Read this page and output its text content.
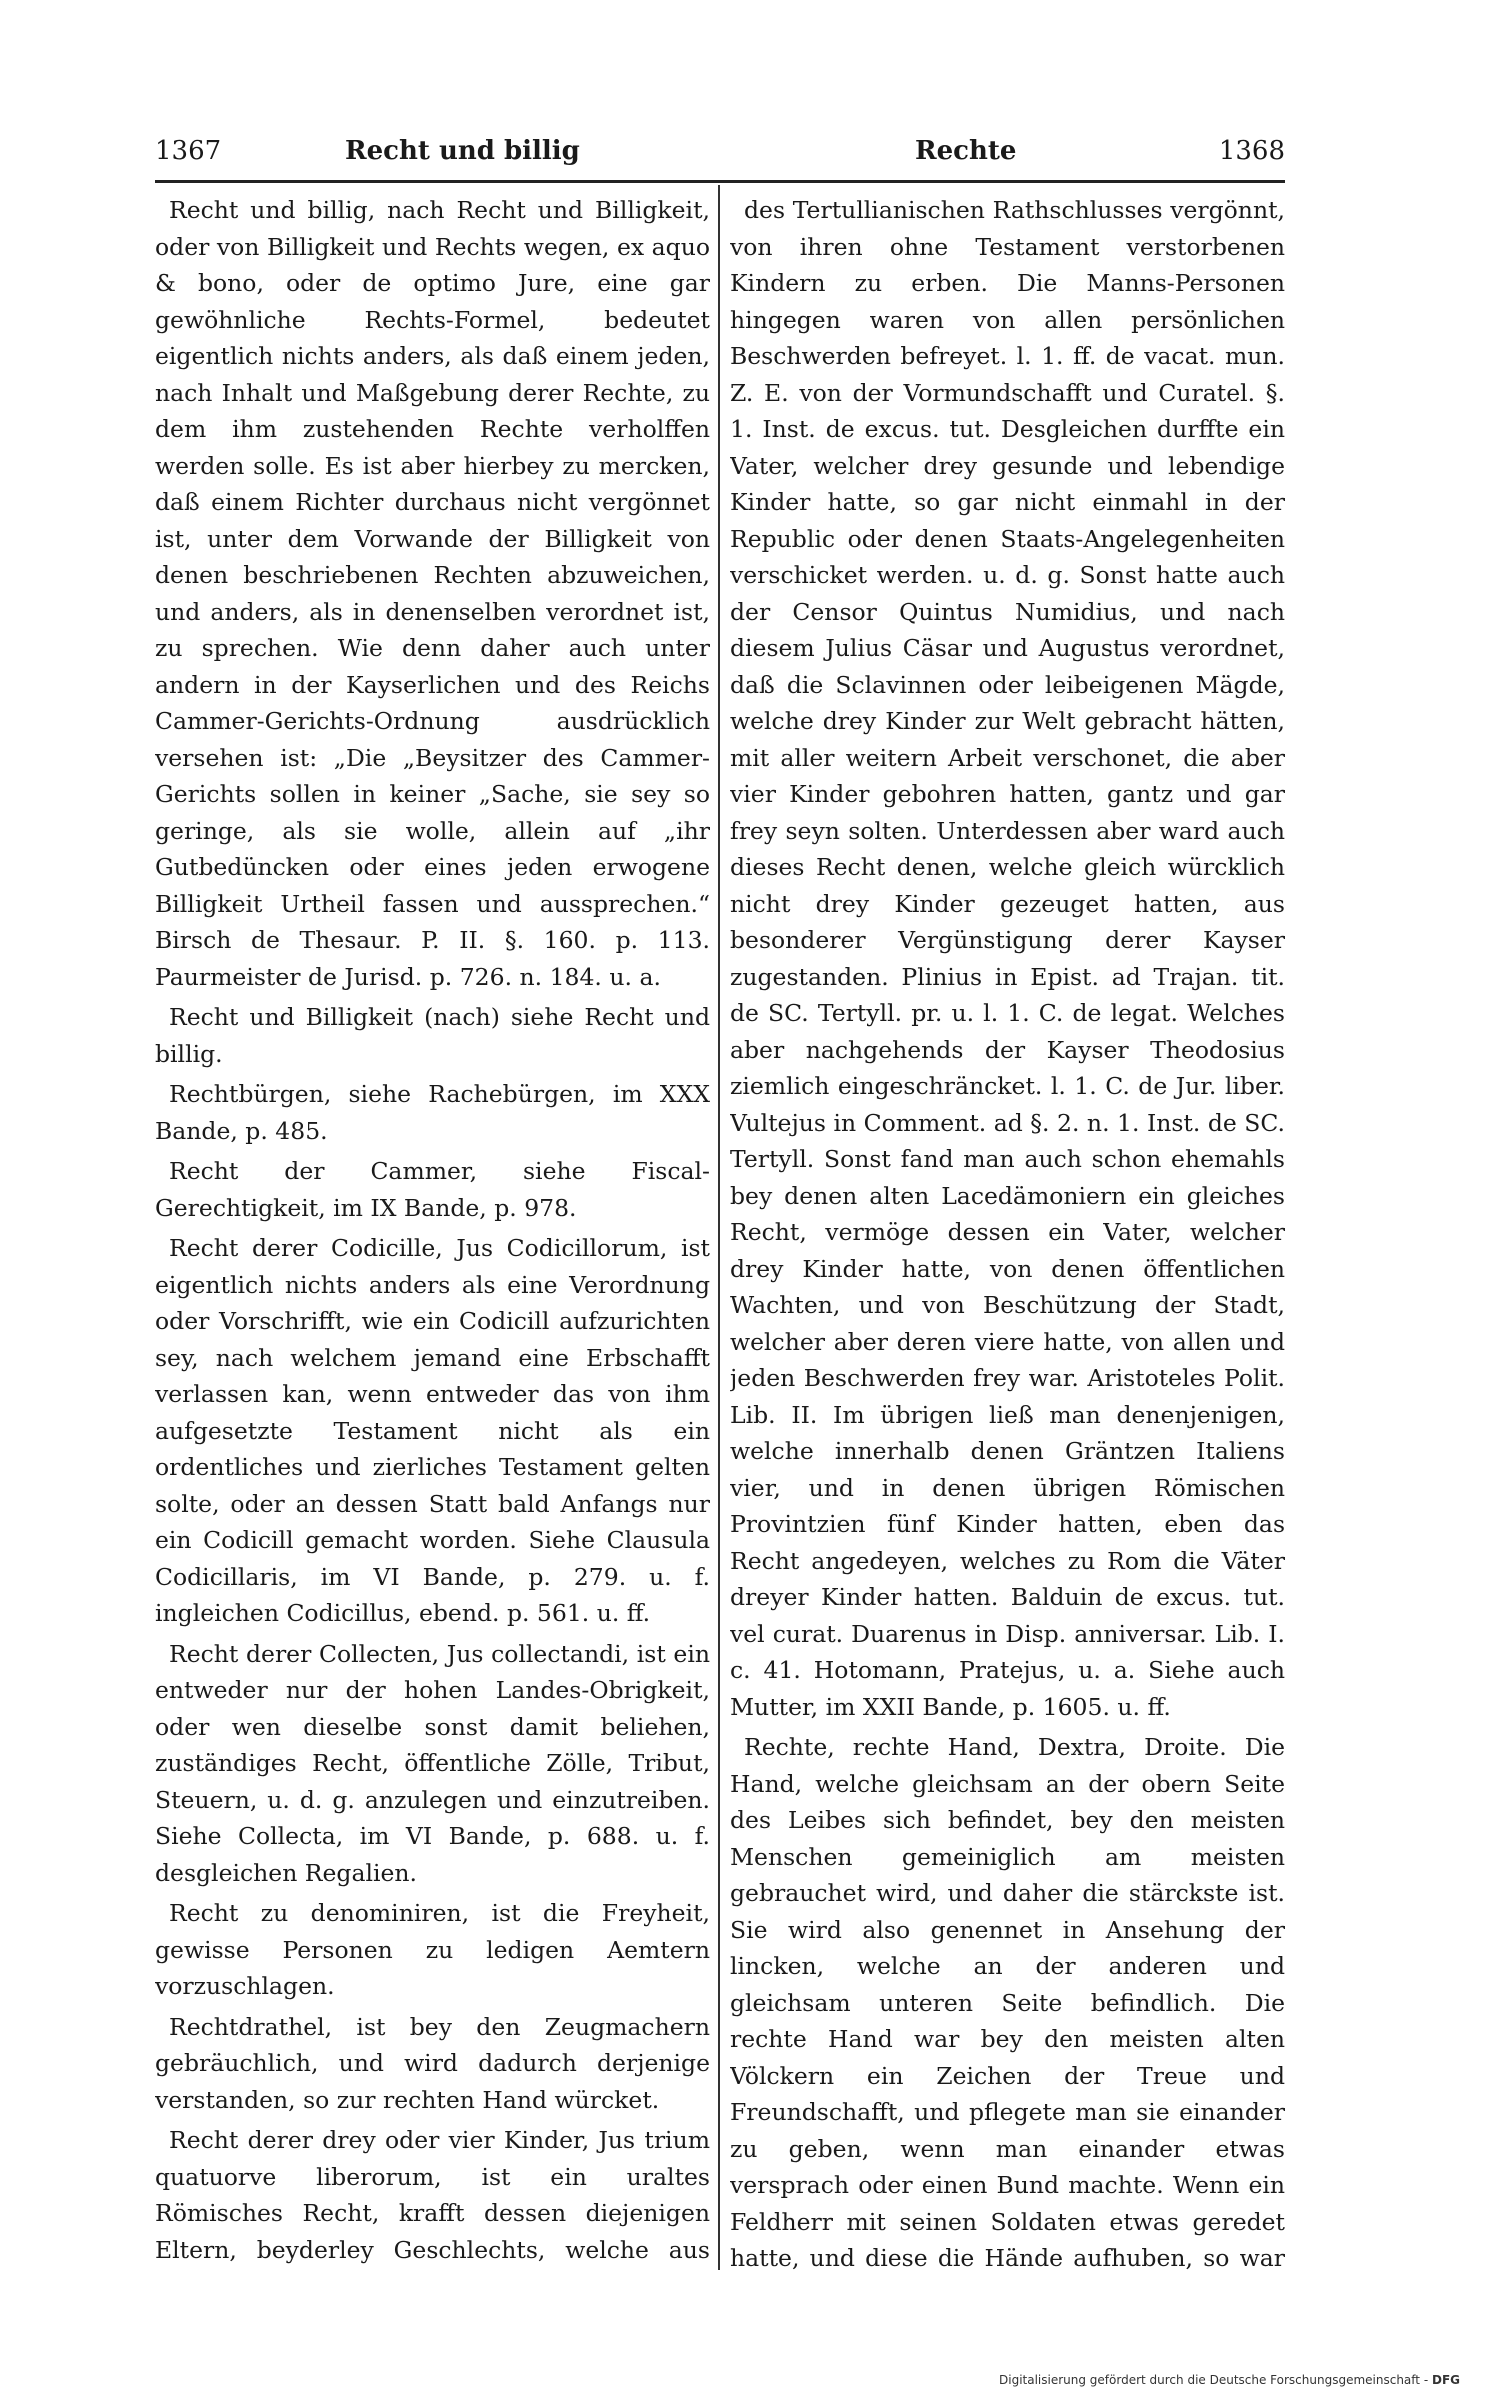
1367	Recht und billig	Rechte	1368

Recht und billig, nach Recht und Billigkeit, oder von Billigkeit und Rechts wegen, ex aquo & bono, oder de optimo Jure, eine gar gewöhnliche Rechts-Formel, bedeutet eigentlich nichts anders, als daß einem jeden, nach Inhalt und Maßgebung derer Rechte, zu dem ihm zustehenden Rechte verholffen werden solle. Es ist aber hierbey zu mercken, daß einem Richter durchaus nicht vergönnet ist, unter dem Vorwande der Billigkeit von denen beschriebenen Rechten abzuweichen, und anders, als in denenselben verordnet ist, zu sprechen. Wie denn daher auch unter andern in der Kayserlichen und des Reichs Cammer-Gerichts-Ordnung ausdrücklich versehen ist: „Die „Beysitzer des Cammer-Gerichts sollen in keiner „Sache, sie sey so geringe, als sie wolle, allein auf „ihr Gutbedüncken oder eines jeden erwogene Billigkeit Urtheil fassen und aussprechen.“ Birsch de Thesaur. P. II. §. 160. p. 113. Paurmeister de Jurisd. p. 726. n. 184. u. a.

Recht und Billigkeit (nach) siehe Recht und billig.

Rechtbürgen, siehe Rachebürgen, im XXX Bande, p. 485.

Recht der Cammer, siehe Fiscal-Gerechtigkeit, im IX Bande, p. 978.

Recht derer Codicille, Jus Codicillorum, ist eigentlich nichts anders als eine Verordnung oder Vorschrifft, wie ein Codicill aufzurichten sey, nach welchem jemand eine Erbschafft verlassen kan, wenn entweder das von ihm aufgesetzte Testament nicht als ein ordentliches und zierliches Testament gelten solte, oder an dessen Statt bald Anfangs nur ein Codicill gemacht worden. Siehe Clausula Codicillaris, im VI Bande, p. 279. u. f. ingleichen Codicillus, ebend. p. 561. u. ff.

Recht derer Collecten, Jus collectandi, ist ein entweder nur der hohen Landes-Obrigkeit, oder wen dieselbe sonst damit beliehen, zuständiges Recht, öffentliche Zölle, Tribut, Steuern, u. d. g. anzulegen und einzutreiben. Siehe Collecta, im VI Bande, p. 688. u. f. desgleichen Regalien.

Recht zu denominiren, ist die Freyheit, gewisse Personen zu ledigen Aemtern vorzuschlagen.

Rechtdrathel, ist bey den Zeugmachern gebräuchlich, und wird dadurch derjenige verstanden, so zur rechten Hand würcket.

Recht derer drey oder vier Kinder, Jus trium quatuorve liberorum, ist ein uraltes Römisches Recht, krafft dessen diejenigen Eltern, beyderley Geschlechts, welche aus

des Tertullianischen Rathschlusses vergönnt, von ihren ohne Testament verstorbenen Kindern zu erben. Die Manns-Personen hingegen waren von allen persönlichen Beschwerden befreyet. l. 1. ff. de vacat. mun. Z. E. von der Vormundschafft und Curatel. §. 1. Inst. de excus. tut. Desgleichen durffte ein Vater, welcher drey gesunde und lebendige Kinder hatte, so gar nicht einmahl in der Republic oder denen Staats-Angelegenheiten verschicket werden. u. d. g. Sonst hatte auch der Censor Quintus Numidius, und nach diesem Julius Cäsar und Augustus verordnet, daß die Sclavinnen oder leibeigenen Mägde, welche drey Kinder zur Welt gebracht hätten, mit aller weitern Arbeit verschonet, die aber vier Kinder gebohren hatten, gantz und gar frey seyn solten. Unterdessen aber ward auch dieses Recht denen, welche gleich würcklich nicht drey Kinder gezeuget hatten, aus besonderer Vergünstigung derer Kayser zugestanden. Plinius in Epist. ad Trajan. tit. de SC. Tertyll. pr. u. l. 1. C. de legat. Welches aber nachgehends der Kayser Theodosius ziemlich eingeschräncket. l. 1. C. de Jur. liber. Vultejus in Comment. ad §. 2. n. 1. Inst. de SC. Tertyll. Sonst fand man auch schon ehemahls bey denen alten Lacedämoniern ein gleiches Recht, vermöge dessen ein Vater, welcher drey Kinder hatte, von denen öffentlichen Wachten, und von Beschützung der Stadt, welcher aber deren viere hatte, von allen und jeden Beschwerden frey war. Aristoteles Polit. Lib. II. Im übrigen ließ man denenjenigen, welche innerhalb denen Gräntzen Italiens vier, und in denen übrigen Römischen Provintzien fünf Kinder hatten, eben das Recht angedeyen, welches zu Rom die Väter dreyer Kinder hatten. Balduin de excus. tut. vel curat. Duarenus in Disp. anniversar. Lib. I. c. 41. Hotomann, Pratejus, u. a. Siehe auch Mutter, im XXII Bande, p. 1605. u. ff.

Rechte, rechte Hand, Dextra, Droite. Die Hand, welche gleichsam an der obern Seite des Leibes sich befindet, bey den meisten Menschen gemeiniglich am meisten gebrauchet wird, und daher die stärckste ist. Sie wird also genennet in Ansehung der lincken, welche an der anderen und gleichsam unteren Seite befindlich. Die rechte Hand war bey den meisten alten Völckern ein Zeichen der Treue und Freundschafft, und pflegete man sie einander zu geben, wenn man einander etwas versprach oder einen Bund machte. Wenn ein Feldherr mit seinen Soldaten etwas geredet hatte, und diese die Hände aufhuben, so war

Digitalisierung gefördert durch die Deutsche Forschungsgemeinschaft - DFG
